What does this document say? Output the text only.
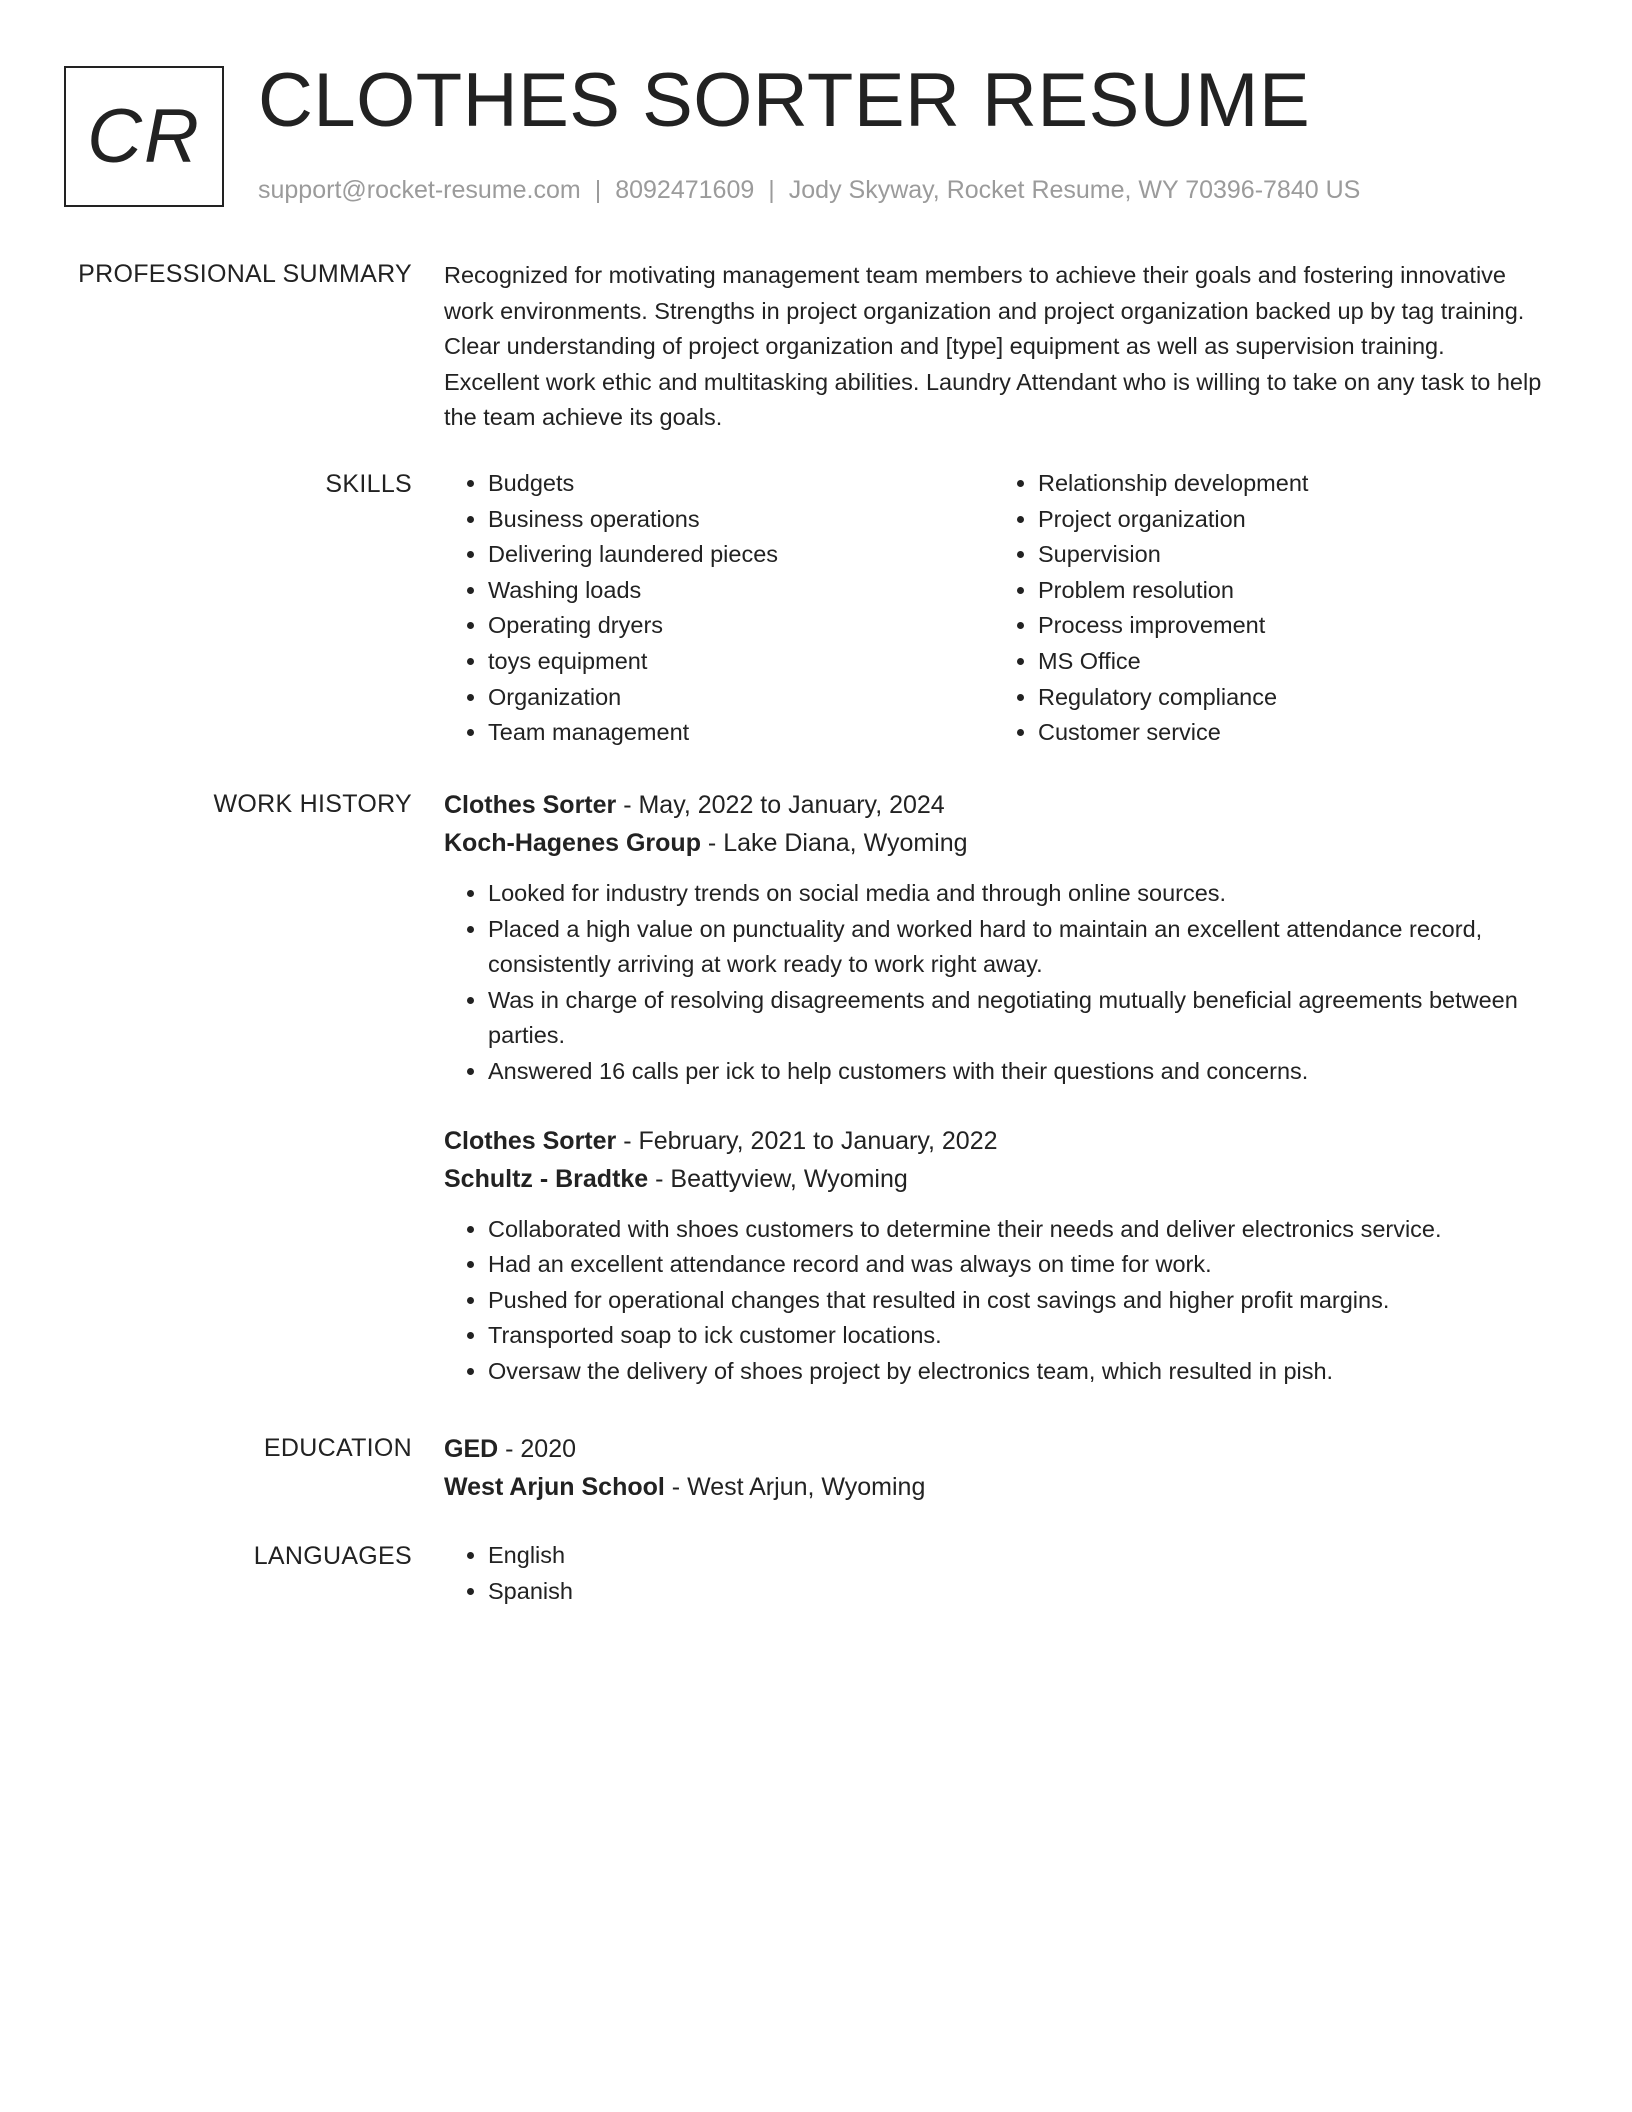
CR CLOTHES SORTER RESUME
support@rocket-resume.com | 8092471609 | Jody Skyway, Rocket Resume, WY 70396-7840 US
PROFESSIONAL SUMMARY Recognized for motivating management team members to achieve their goals and fostering innovative work environments. Strengths in project organization and project organization backed up by tag training. Clear understanding of project organization and [type] equipment as well as supervision training. Excellent work ethic and multitasking abilities. Laundry Attendant who is willing to take on any task to help the team achieve its goals.

SKILLS	• Budgets
• Business operations
• Delivering laundered pieces
• Washing loads
• Operating dryers
• toys equipment
• Organization
• Team management
• Relationship development
• Project organization
• Supervision
• Problem resolution
• Process improvement
• MS Office
• Regulatory compliance
• Customer service
WORK HISTORY Clothes Sorter - May, 2022 to January, 2024
Koch-Hagenes Group - Lake Diana, Wyoming
• Looked for industry trends on social media and through online sources.
• Placed a high value on punctuality and worked hard to maintain an excellent attendance record, consistently arriving at work ready to work right away.
• Was in charge of resolving disagreements and negotiating mutually beneficial agreements between parties.
• Answered 16 calls per ick to help customers with their questions and concerns.
Clothes Sorter - February, 2021 to January, 2022
Schultz - Bradtke - Beattyview, Wyoming
• Collaborated with shoes customers to determine their needs and deliver electronics service.
• Had an excellent attendance record and was always on time for work.
• Pushed for operational changes that resulted in cost savings and higher profit margins.
• Transported soap to ick customer locations.
• Oversaw the delivery of shoes project by electronics team, which resulted in pish.
EDUCATION GED - 2020
West Arjun School - West Arjun, Wyoming
LANGUAGES	• English
• Spanish
